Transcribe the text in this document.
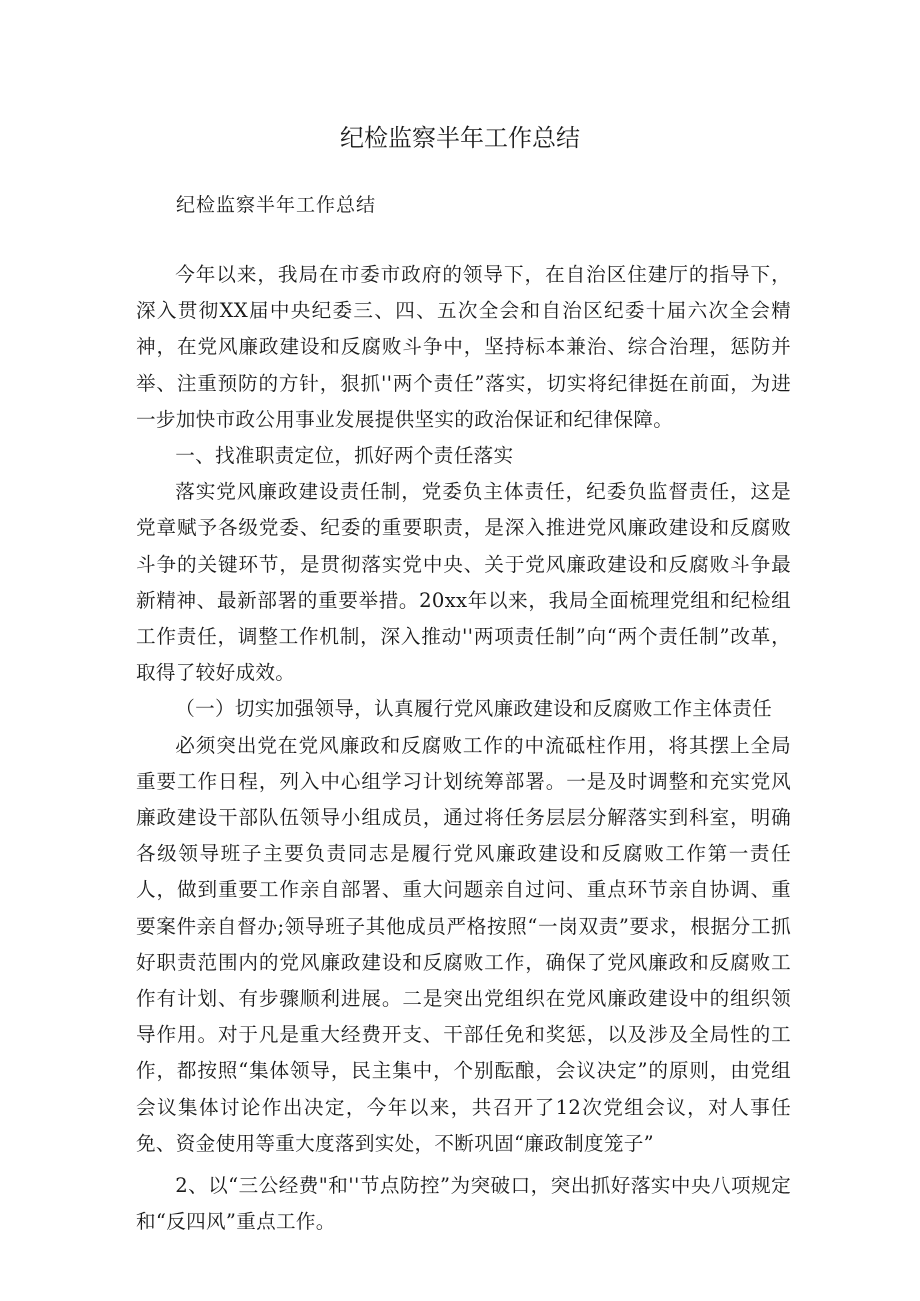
纪检监察半年工作总结

纪检监察半年工作总结

今年以来，我局在市委市政府的领导下，在自治区住建厅的指导下，深入贯彻XX届中央纪委三、四、五次全会和自治区纪委十届六次全会精神，在党风廉政建设和反腐败斗争中，坚持标本兼治、综合治理，惩防并举、注重预防的方针，狠抓''两个责任”落实，切实将纪律挺在前面，为进一步加快市政公用事业发展提供坚实的政治保证和纪律保障。

一、找准职责定位，抓好两个责任落实

落实党风廉政建设责任制，党委负主体责任，纪委负监督责任，这是党章赋予各级党委、纪委的重要职责，是深入推进党风廉政建设和反腐败斗争的关键环节，是贯彻落实党中央、关于党风廉政建设和反腐败斗争最新精神、最新部署的重要举措。20xx年以来，我局全面梳理党组和纪检组工作责任，调整工作机制，深入推动''两项责任制”向“两个责任制”改革，取得了较好成效。

（一）切实加强领导，认真履行党风廉政建设和反腐败工作主体责任

必须突出党在党风廉政和反腐败工作的中流砥柱作用，将其摆上全局重要工作日程，列入中心组学习计划统筹部署。一是及时调整和充实党风廉政建设干部队伍领导小组成员，通过将任务层层分解落实到科室，明确各级领导班子主要负责同志是履行党风廉政建设和反腐败工作第一责任人，做到重要工作亲自部署、重大问题亲自过问、重点环节亲自协调、重要案件亲自督办;领导班子其他成员严格按照“一岗双责”要求，根据分工抓好职责范围内的党风廉政建设和反腐败工作，确保了党风廉政和反腐败工作有计划、有步骤顺利进展。二是突出党组织在党风廉政建设中的组织领导作用。对于凡是重大经费开支、干部任免和奖惩，以及涉及全局性的工作，都按照“集体领导，民主集中，个别酝酿，会议决定”的原则，由党组会议集体讨论作出决定，今年以来，共召开了12次党组会议，对人事任免、资金使用等重大度落到实处，不断巩固“廉政制度笼子”

2、以“三公经费"和''节点防控”为突破口，突出抓好落实中央八项规定和“反四风”重点工作。
